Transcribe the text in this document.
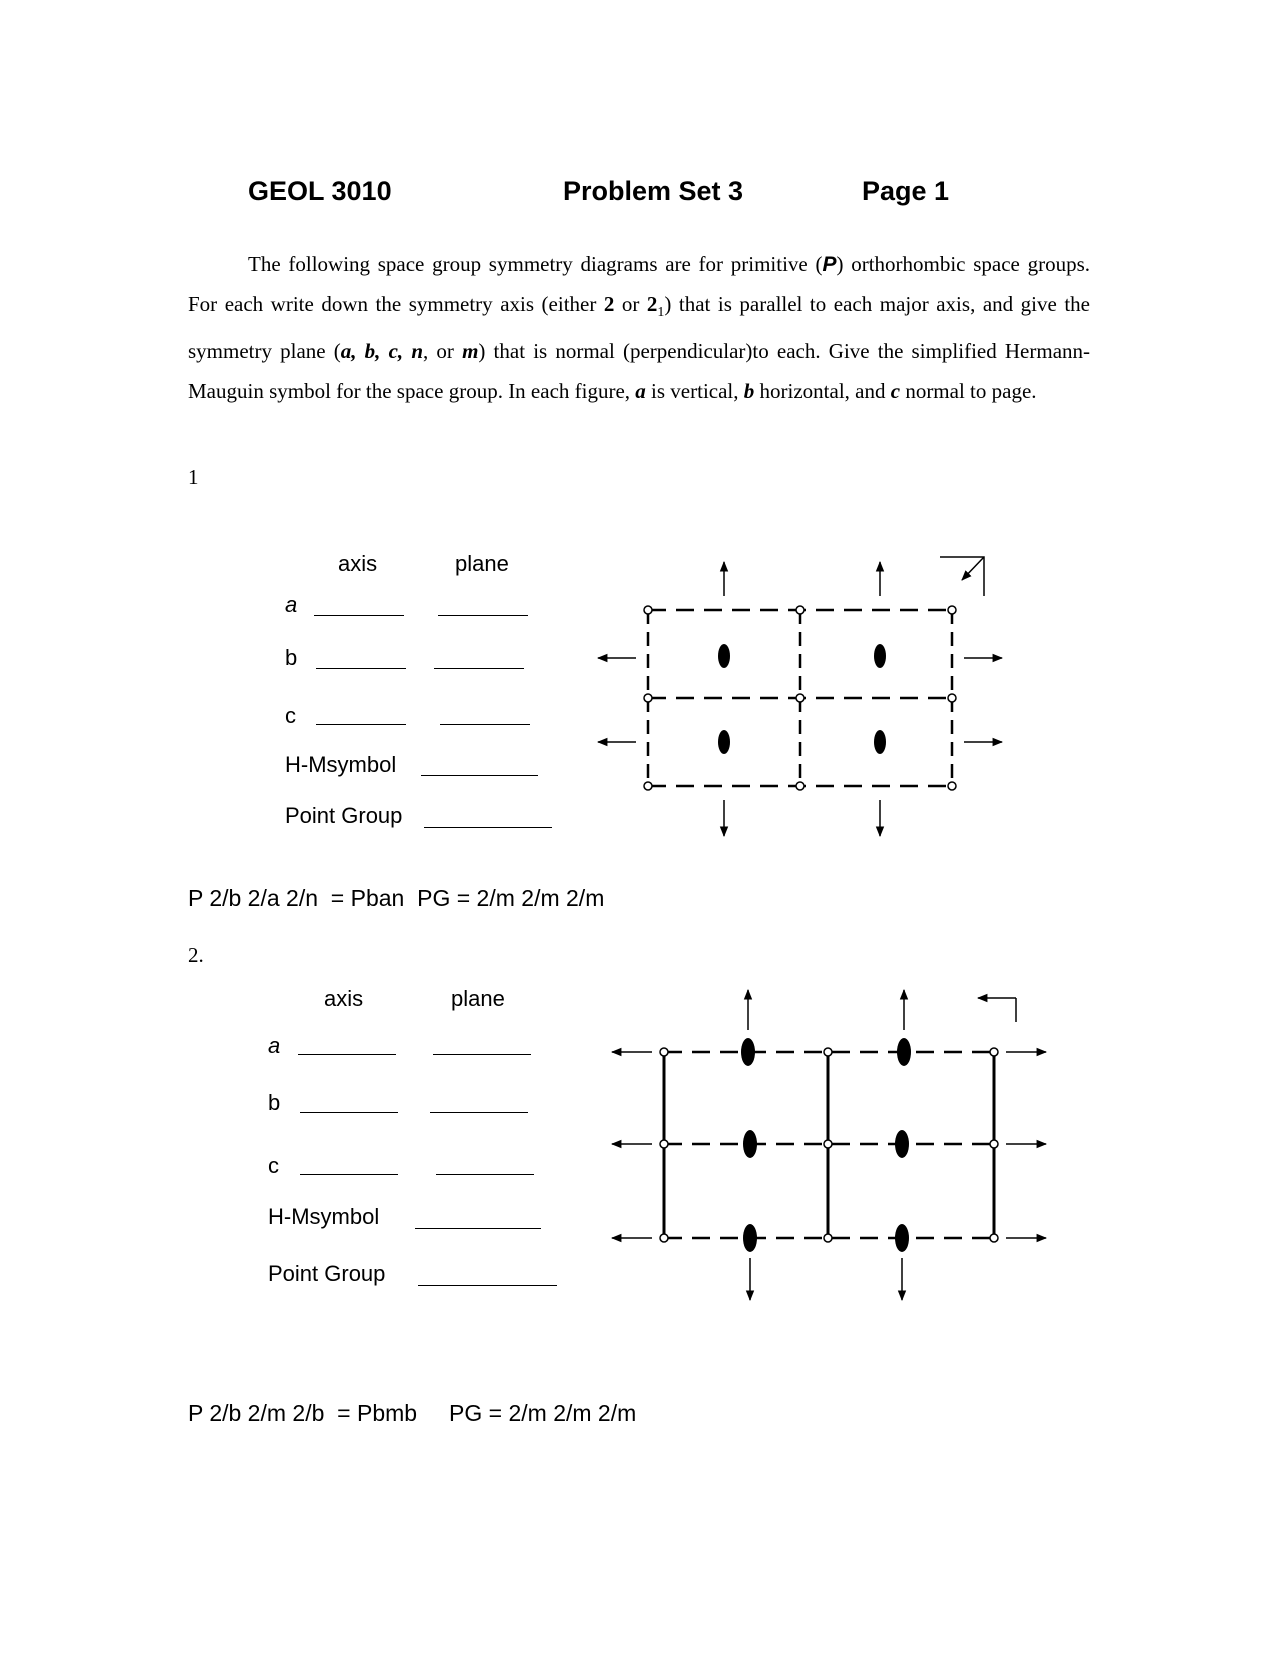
GEOL 3010	Problem Set 3	Page 1
The following space group symmetry diagrams are for primitive (P) orthorhombic space groups. For each write down the symmetry axis (either 2 or $2_1$) that is parallel to each major axis, and give the symmetry plane (a, b, c, n, or m) that is normal (perpendicular)to each. Give the simplified Hermann-Mauguin symbol for the space group. In each figure, a is vertical, b horizontal, and c normal to page.
1
axis	plane
a
b
c
H-Msymbol
Point Group
P 2/b 2/a 2/n  = Pban  PG = 2/m 2/m 2/m
2.
axis	plane
a
b
c
H-Msymbol
Point Group
P 2/b 2/m 2/b  = Pbmb     PG = 2/m 2/m 2/m
